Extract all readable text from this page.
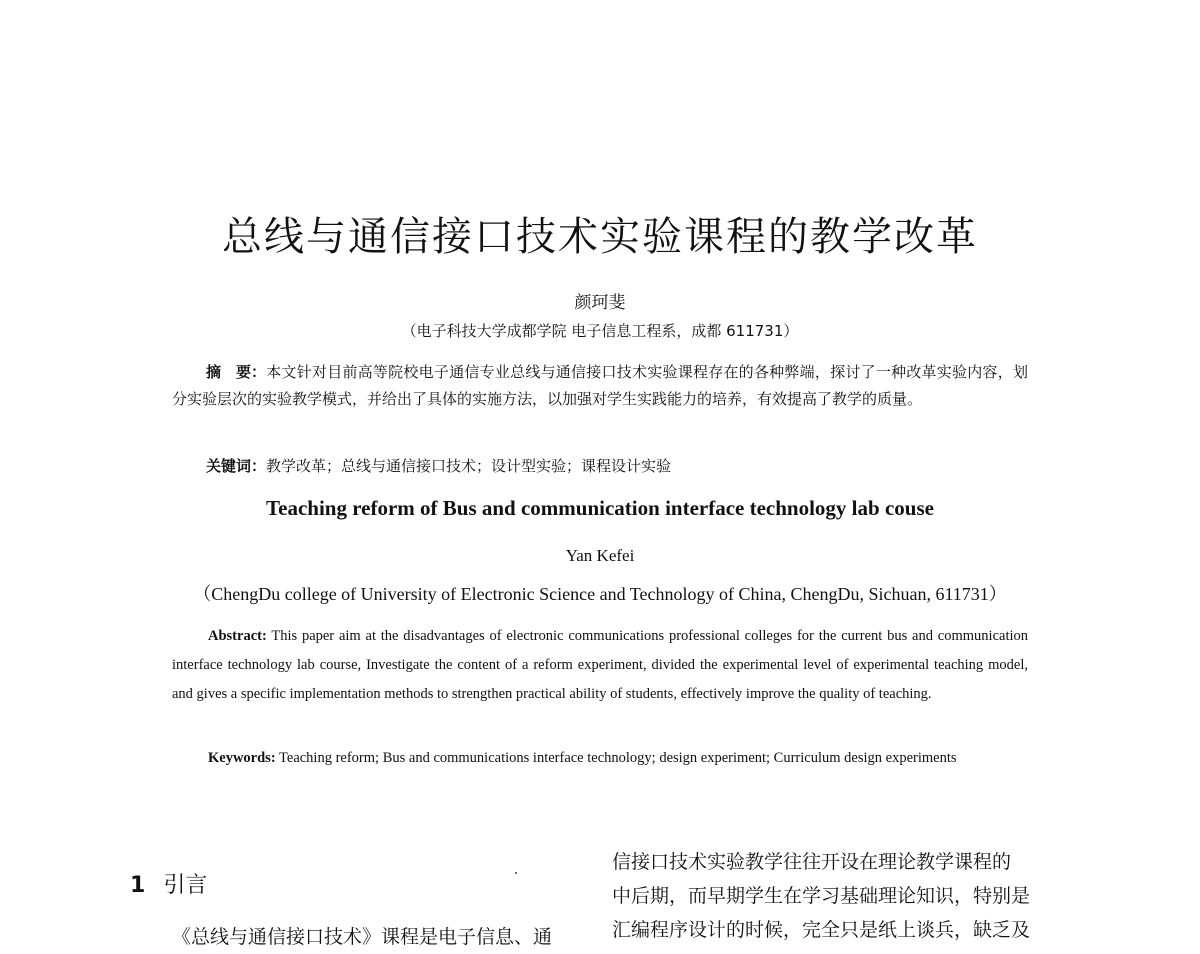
总线与通信接口技术实验课程的教学改革
颜珂斐
（电子科技大学成都学院 电子信息工程系，成都 611731）

摘　要：本文针对目前高等院校电子通信专业总线与通信接口技术实验课程存在的各种弊端，探讨了一种改革实验内容，划分实验层次的实验教学模式，并给出了具体的实施方法，以加强对学生实践能力的培养，有效提高了教学的质量。

关键词：教学改革；总线与通信接口技术；设计型实验；课程设计实验

Teaching reform of Bus and communication interface technology lab couse
Yan Kefei
（ChengDu college of University of Electronic Science and Technology of China, ChengDu, Sichuan, 611731）

Abstract: This paper aim at the disadvantages of electronic communications professional colleges for the current bus and communication interface technology lab course, Investigate the content of a reform experiment, divided the experimental level of experimental teaching model, and gives a specific implementation methods to strengthen practical ability of students, effectively improve the quality of teaching.

Keywords: Teaching reform; Bus and communications interface technology; design experiment; Curriculum design experiments

1 引言

《总线与通信接口技术》课程是电子信息、通

信接口技术实验教学往往开设在理论教学课程的
中后期，而早期学生在学习基础理论知识，特别是
汇编程序设计的时候，完全只是纸上谈兵，缺乏及
